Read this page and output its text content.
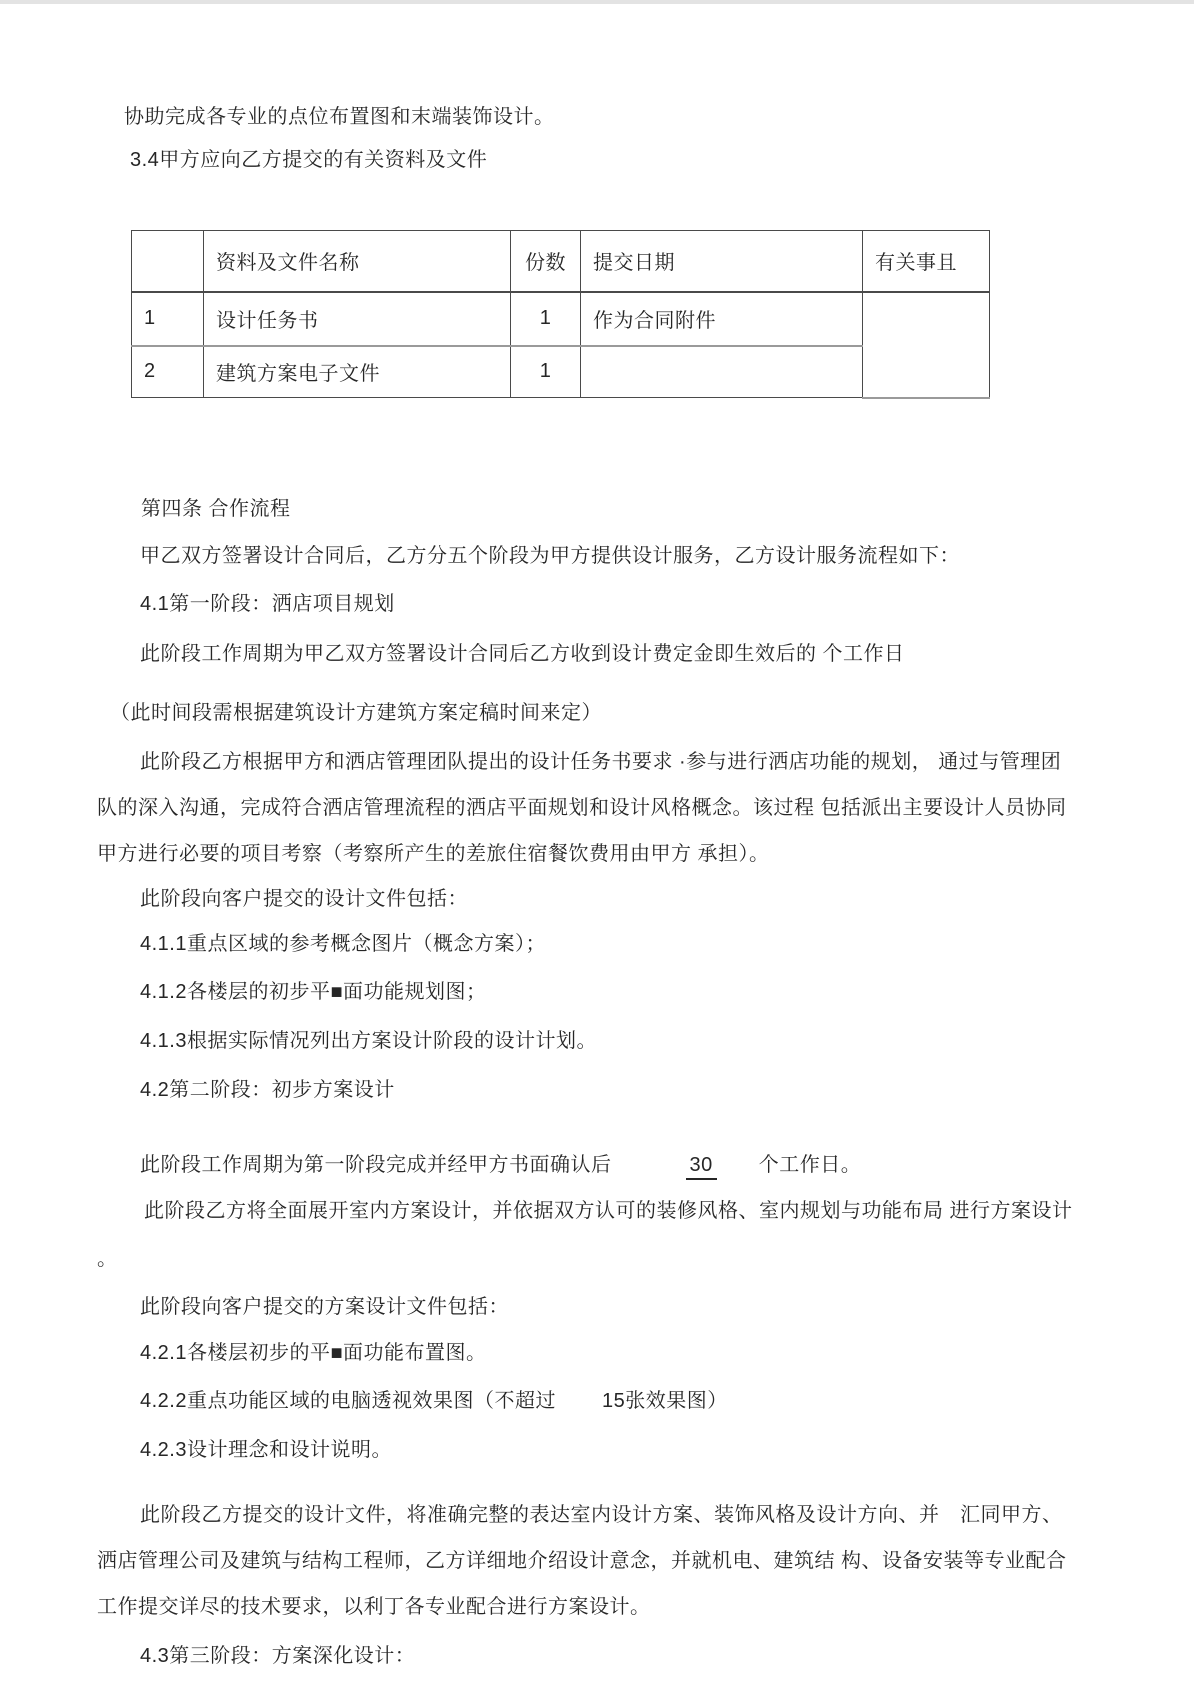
协助完成各专业的点位布置图和末端装饰设计。
3.4甲方应向乙方提交的有关资料及文件
	资料及文件名称	份数	提交日期	有关事且
1	设计任务书	1	作为合同附件	
2	建筑方案电子文件	1		
第四条 合作流程
甲乙双方签署设计合同后，乙方分五个阶段为甲方提供设计服务，乙方设计服务流程如下：
4.1第一阶段：洒店项目规划
此阶段工作周期为甲乙双方签署设计合同后乙方收到设计费定金即生效后的 个工作日
（此时间段需根据建筑设计方建筑方案定稿时间来定）
此阶段乙方根据甲方和洒店管理团队提出的设计任务书要求 ·参与进行洒店功能的规划， 通过与管理团
队的深入沟通，完成符合洒店管理流程的洒店平面规划和设计风格概念。该过程 包括派出主要设计人员协同
甲方进行必要的项目考察（考察所产生的差旅住宿餐饮费用由甲方 承担）。
此阶段向客户提交的设计文件包括：
4.1.1重点区域的参考概念图片（概念方案）；
4.1.2各楼层的初步平■面功能规划图；
4.1.3根据实际情况列出方案设计阶段的设计计划。
4.2第二阶段：初步方案设计
此阶段工作周期为第一阶段完成并经甲方书面确认后	30 个工作日。
此阶段乙方将全面展开室内方案设计，并依据双方认可的装修风格、室内规划与功能布局 进行方案设计
。
此阶段向客户提交的方案设计文件包括：
4.2.1各楼层初步的平■面功能布置图。
4.2.2重点功能区域的电脑透视效果图（不超过 15张效果图）
4.2.3设计理念和设计说明。
此阶段乙方提交的设计文件，将准确完整的表达室内设计方案、装饰风格及设计方向、并　汇同甲方、
洒店管理公司及建筑与结构工程师，乙方详细地介绍设计意念，并就机电、建筑结 构、设备安装等专业配合
工作提交详尽的技术要求，以利丁各专业配合进行方案设计。
4.3第三阶段：方案深化设计：
